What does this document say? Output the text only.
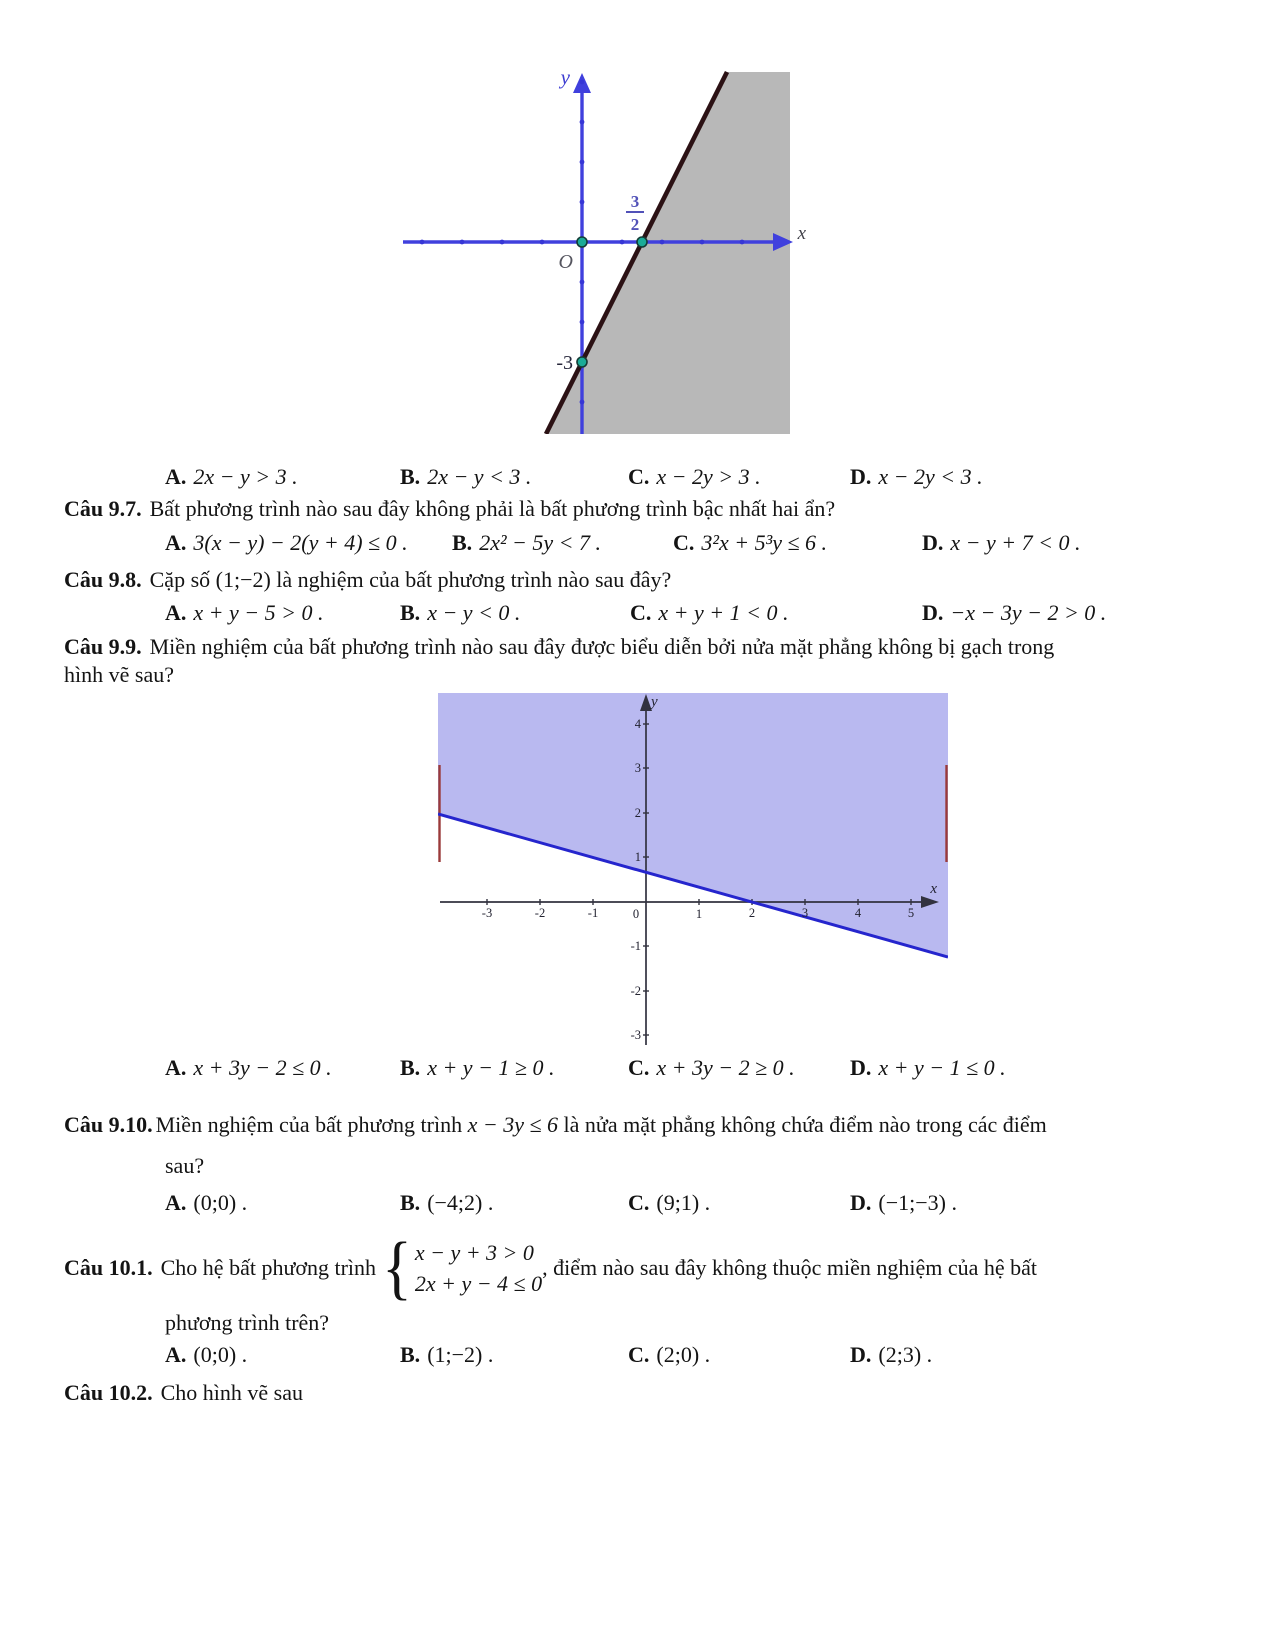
y
x
O
3
2
-3
A. 2x − y > 3 .	B. 2x − y < 3 .	C. x − 2y > 3 .	D. x − 2y < 3 .
Câu 9.7. Bất phương trình nào sau đây không phải là bất phương trình bậc nhất hai ẩn?
A. 3(x − y) − 2(y + 4) ≤ 0 . B. 2x² − 5y < 7 .	C. 3²x + 5³y ≤ 6 .	D. x − y + 7 < 0 .
Câu 9.8. Cặp số (1;−2) là nghiệm của bất phương trình nào sau đây?
A. x + y − 5 > 0 .	B. x − y < 0 .	C. x + y + 1 < 0 .	D. −x − 3y − 2 > 0 .
Câu 9.9. Miền nghiệm của bất phương trình nào sau đây được biểu diễn bởi nửa mặt phẳng không bị gạch trong
hình vẽ sau?
-3	-2	-1	0	1	2	3	4	5
4
3
2
1
-1
-2
-3
y
x
A. x + 3y − 2 ≤ 0 .	B. x + y − 1 ≥ 0 .	C. x + 3y − 2 ≥ 0 .	D. x + y − 1 ≤ 0 .
Câu 9.10. Miền nghiệm của bất phương trình x − 3y ≤ 6 là nửa mặt phẳng không chứa điểm nào trong các điểm
sau?
A. (0;0) .	B. (−4;2) .	C. (9;1) .	D. (−1;−3) .
Câu 10.1. Cho hệ bất phương trình { x − y + 3 > 0
2x + y − 4 ≤ 0
, điểm nào sau đây không thuộc miền nghiệm của hệ bất
phương trình trên?
A. (0;0) .	B. (1;−2) .	C. (2;0) .	D. (2;3) .
Câu 10.2. Cho hình vẽ sau
